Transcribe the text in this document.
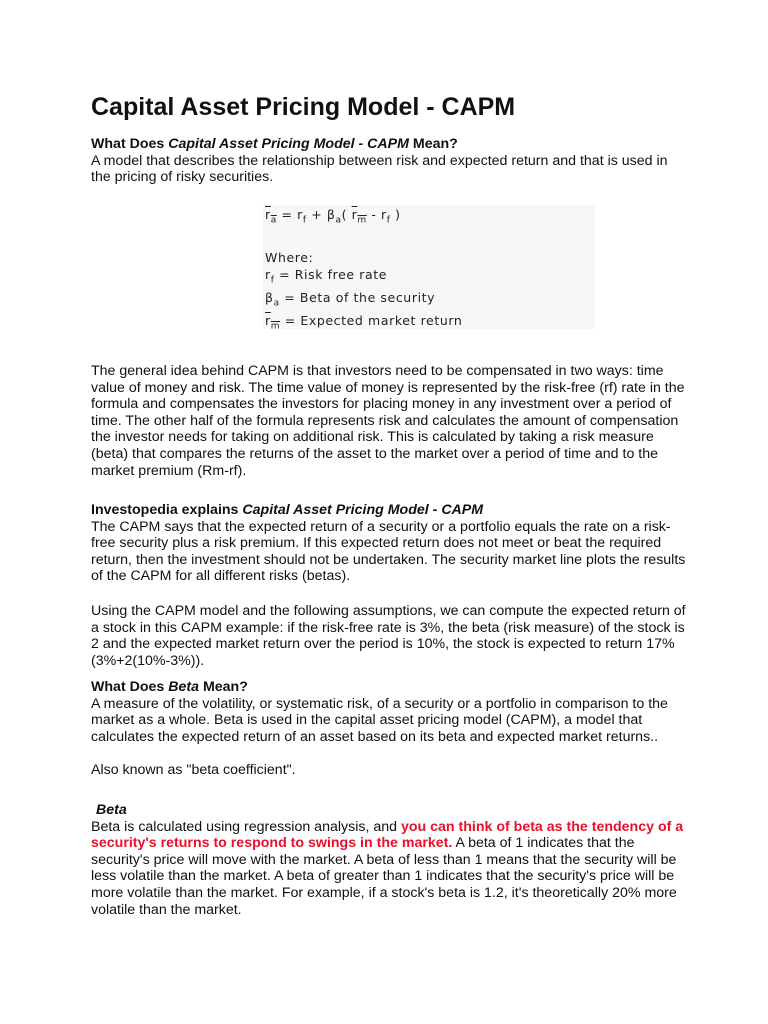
Capital Asset Pricing Model - CAPM

What Does Capital Asset Pricing Model - CAPM Mean?

A model that describes the relationship between risk and expected return and that is used in the pricing of risky securities.

$r_a = r_f + \beta_a$( $r_m - r_f$ )
Where:
$r_f$ = Risk free rate
$\beta_a$ = Beta of the security
$r_m$ = Expected market return

The general idea behind CAPM is that investors need to be compensated in two ways: time value of money and risk. The time value of money is represented by the risk-free (rf) rate in the formula and compensates the investors for placing money in any investment over a period of time. The other half of the formula represents risk and calculates the amount of compensation the investor needs for taking on additional risk. This is calculated by taking a risk measure (beta) that compares the returns of the asset to the market over a period of time and to the market premium (Rm-rf).

Investopedia explains Capital Asset Pricing Model - CAPM

The CAPM says that the expected return of a security or a portfolio equals the rate on a risk-free security plus a risk premium. If this expected return does not meet or beat the required return, then the investment should not be undertaken. The security market line plots the results of the CAPM for all different risks (betas).

Using the CAPM model and the following assumptions, we can compute the expected return of a stock in this CAPM example: if the risk-free rate is 3%, the beta (risk measure) of the stock is 2 and the expected market return over the period is 10%, the stock is expected to return 17% (3%+2(10%-3%)).

What Does Beta Mean?

A measure of the volatility, or systematic risk, of a security or a portfolio in comparison to the market as a whole. Beta is used in the capital asset pricing model (CAPM), a model that calculates the expected return of an asset based on its beta and expected market returns..

Also known as "beta coefficient".

Beta

Beta is calculated using regression analysis, and you can think of beta as the tendency of a security's returns to respond to swings in the market. A beta of 1 indicates that the security's price will move with the market. A beta of less than 1 means that the security will be less volatile than the market. A beta of greater than 1 indicates that the security's price will be more volatile than the market. For example, if a stock's beta is 1.2, it's theoretically 20% more volatile than the market.
